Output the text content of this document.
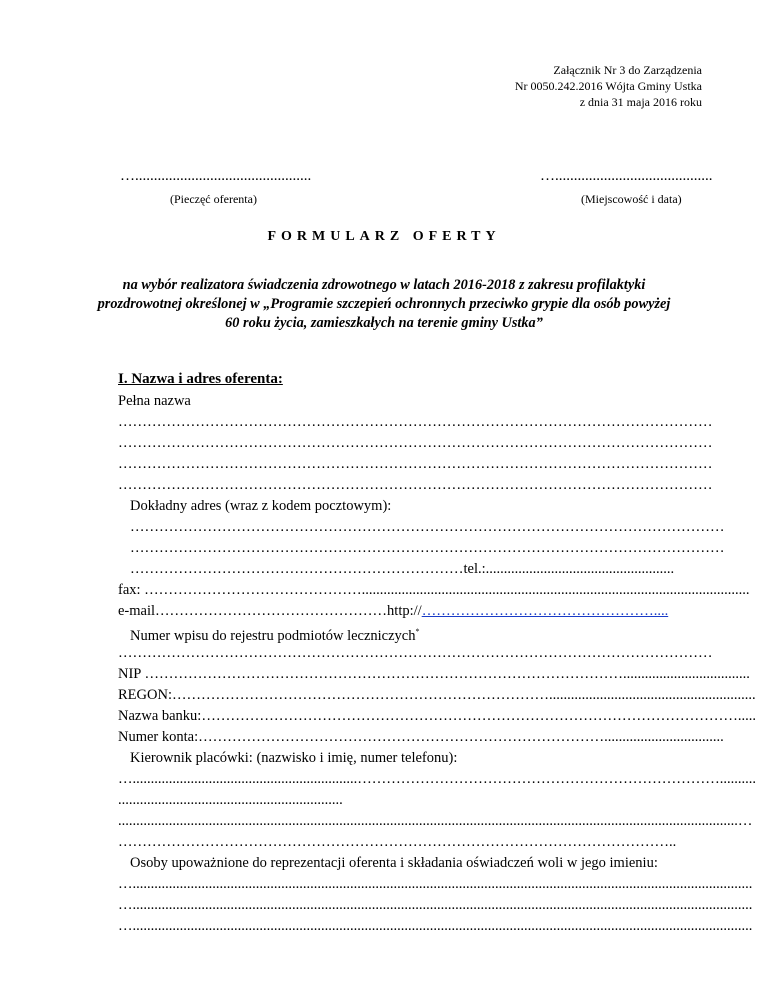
Załącznik Nr 3 do Zarządzenia
Nr 0050.242.2016 Wójta Gminy Ustka
z dnia 31 maja 2016 roku
…...............................................
(Pieczęć oferenta)
…..........................................
(Miejscowość i data)
FORMULARZ OFERTY
na wybór realizatora świadczenia zdrowotnego w latach 2016-2018 z zakresu profilaktyki prozdrowotnej określonej w „Programie szczepień ochronnych przeciwko grypie dla osób powyżej 60 roku życia, zamieszkałych na terenie gminy Ustka”
I. Nazwa i adres oferenta:
Pełna nazwa
……………………………………………………………………………………………………………
……………………………………………………………………………………………………………
……………………………………………………………………………………………………………
……………………………………………………………………………………………………………
Dokładny adres (wraz z kodem pocztowym):
……………………………………………………………………………………………………………
……………………………………………………………………………………………………………
……………………………………………………………tel.:....................................................
fax: ………………………………………...........................................................................................................
e-mail…………………………………………http://…………………………………………....
Numer wpisu do rejestru podmiotów leczniczych*
……………………………………………………………………………………………………………
NIP ………………………………………………………………………………………...................................
REGON:…………………………………………………………………….........................................................
Nazwa banku:………………………………………………………………………………………………….....
Numer konta:………………………………………………………………………….................................
Kierownik placówki: (nazwisko i imię, numer telefonu):
…..............................................................…………………………………………………………………..........
..............................................................
...........................................................................................................................................................................…
……………………………………………………………………………………………………..
Osoby upoważnione do reprezentacji oferenta i składania oświadczeń woli w jego imieniu:
…...........................................................................................................................................................................
…...........................................................................................................................................................................
…...........................................................................................................................................................................
